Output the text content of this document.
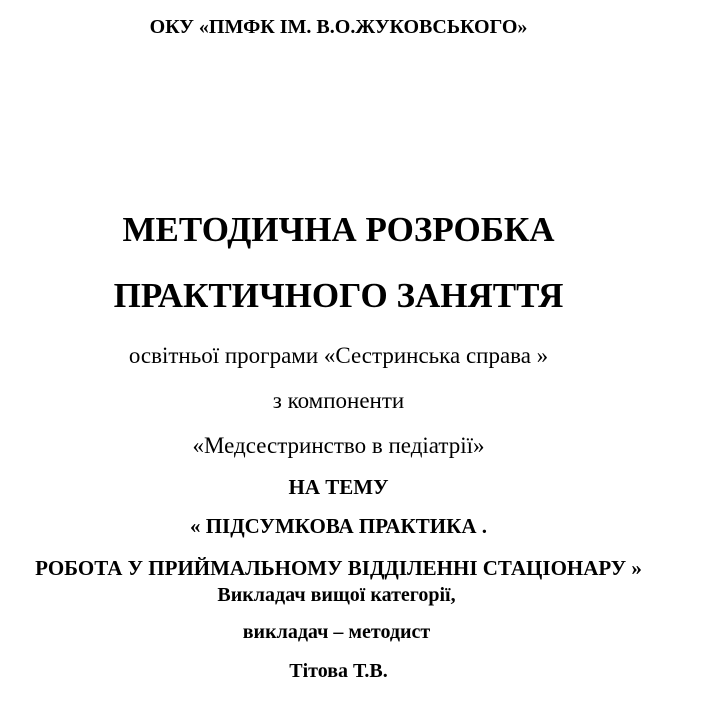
ОКУ «ПМФК ІМ. В.О.ЖУКОВСЬКОГО»
МЕТОДИЧНА РОЗРОБКА
ПРАКТИЧНОГО ЗАНЯТТЯ
освітньої програми «Сестринська справа »
з компоненти
«Медсестринство в педіатрії»
НА ТЕМУ
« ПІДСУМКОВА ПРАКТИКА .
РОБОТА У ПРИЙМАЛЬНОМУ ВІДДІЛЕННІ СТАЦІОНАРУ »
Викладач вищої категорії,
викладач – методист
Тітова Т.В.
